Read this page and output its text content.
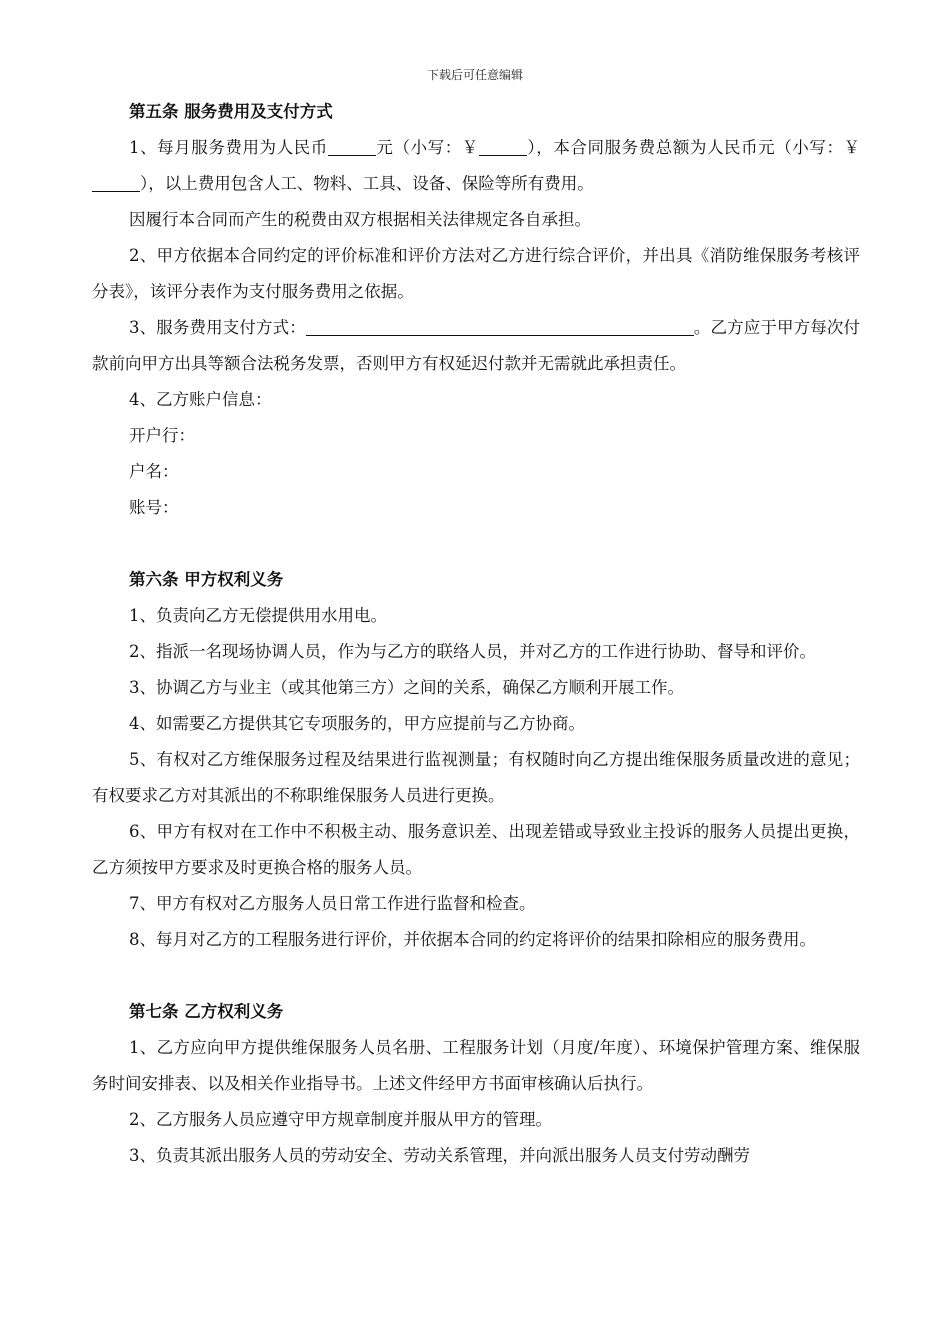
下载后可任意编辑
第五条 服务费用及支付方式

1、每月服务费用为人民币	元（小写：￥	），本合同服务费总额为人民币元（小写：￥），以上费用包含人工、物料、工具、设备、保险等所有费用。

因履行本合同而产生的税费由双方根据相关法律规定各自承担。

2、甲方依据本合同约定的评价标准和评价方法对乙方进行综合评价，并出具《消防维保服务考核评分表》，该评分表作为支付服务费用之依据。

3、服务费用支付方式：	。乙方应于甲方每次付款前向甲方出具等额合法税务发票，否则甲方有权延迟付款并无需就此承担责任。

4、乙方账户信息：

开户行：

户名：

账号：

第六条 甲方权利义务

1、负责向乙方无偿提供用水用电。

2、指派一名现场协调人员，作为与乙方的联络人员，并对乙方的工作进行协助、督导和评价。

3、协调乙方与业主（或其他第三方）之间的关系，确保乙方顺利开展工作。

4、如需要乙方提供其它专项服务的，甲方应提前与乙方协商。

5、有权对乙方维保服务过程及结果进行监视测量；有权随时向乙方提出维保服务质量改进的意见；有权要求乙方对其派出的不称职维保服务人员进行更换。

6、甲方有权对在工作中不积极主动、服务意识差、出现差错或导致业主投诉的服务人员提出更换，乙方须按甲方要求及时更换合格的服务人员。

7、甲方有权对乙方服务人员日常工作进行监督和检查。

8、每月对乙方的工程服务进行评价，并依据本合同的约定将评价的结果扣除相应的服务费用。

第七条 乙方权利义务

1、乙方应向甲方提供维保服务人员名册、工程服务计划（月度/年度）、环境保护管理方案、维保服务时间安排表、以及相关作业指导书。上述文件经甲方书面审核确认后执行。

2、乙方服务人员应遵守甲方规章制度并服从甲方的管理。

3、负责其派出服务人员的劳动安全、劳动关系管理，并向派出服务人员支付劳动酬劳
